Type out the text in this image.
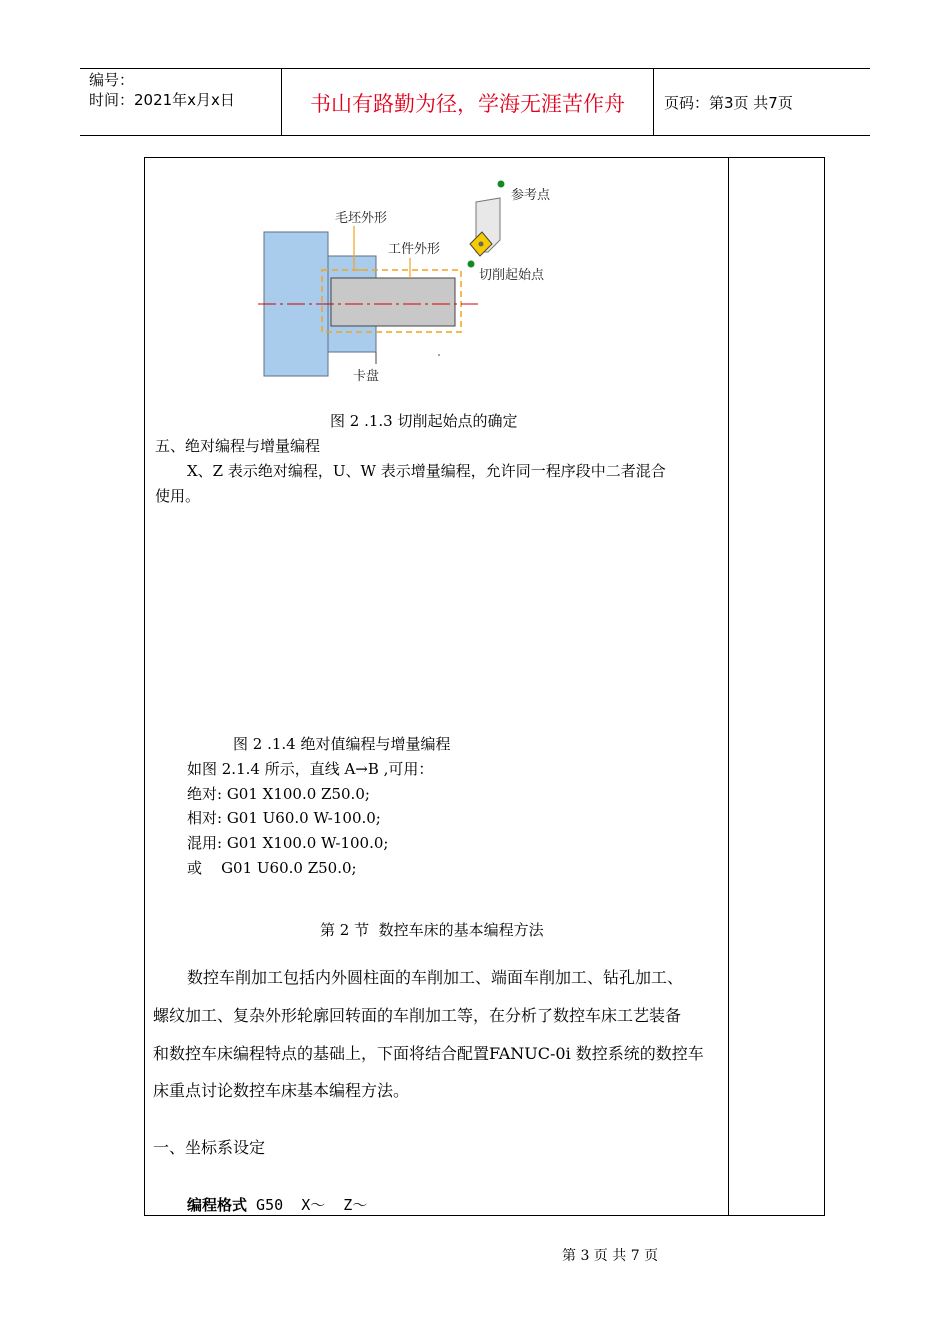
编号：
时间：2021年x月x日	书山有路勤为径，学海无涯苦作舟	页码：第3页 共7页
参考点
毛坯外形
工件外形
切削起始点
卡盘
图 2 .1.3 切削起始点的确定
五、绝对编程与增量编程
X、Z 表示绝对编程，U、W 表示增量编程，允许同一程序段中二者混合
使用。
图 2 .1.4 绝对值编程与增量编程
如图 2.1.4 所示，直线 A→B ,可用：
绝对: G01 X100.0 Z50.0;
相对: G01 U60.0 W-100.0;
混用: G01 X100.0 W-100.0;
或    G01 U60.0 Z50.0;
第 2 节  数控车床的基本编程方法
数控车削加工包括内外圆柱面的车削加工、端面车削加工、钻孔加工、
螺纹加工、复杂外形轮廓回转面的车削加工等，在分析了数控车床工艺装备
和数控车床编程特点的基础上，下面将结合配置FANUC-0i 数控系统的数控车
床重点讨论数控车床基本编程方法。
一、坐标系设定
编程格式 G50  X～  Z～
第 3 页 共 7 页
